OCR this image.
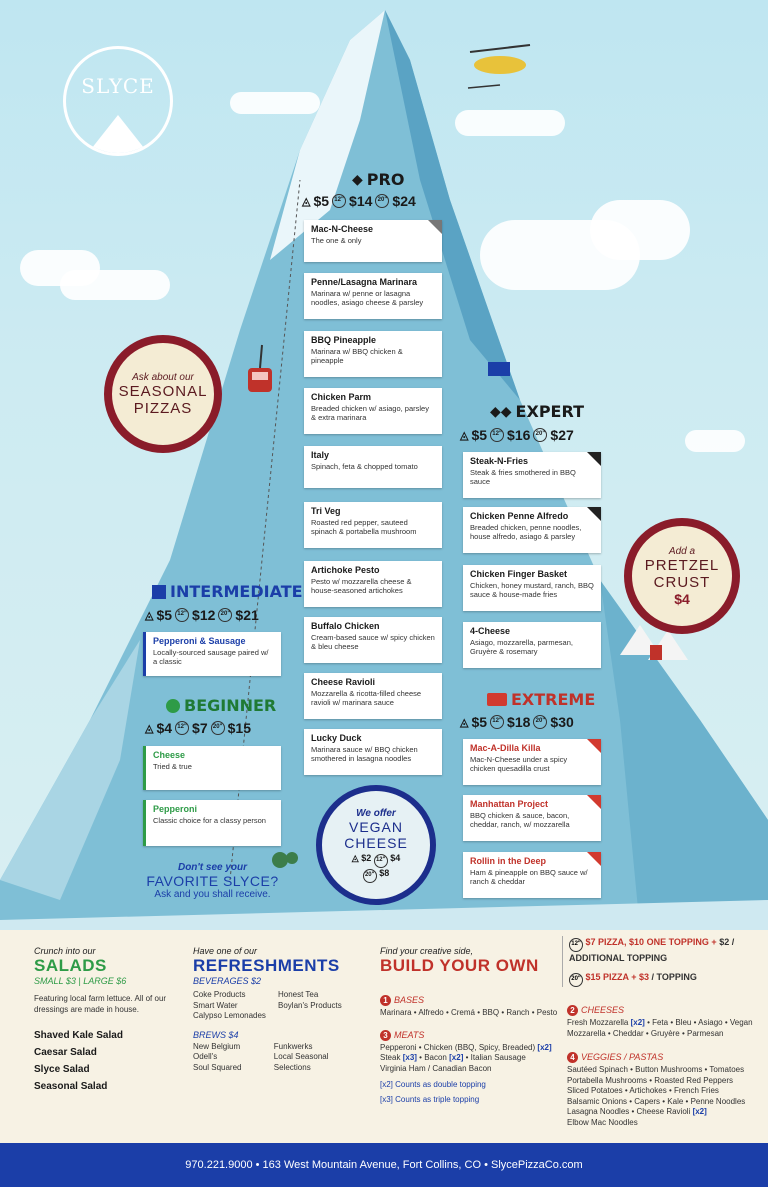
SLYCE
◆ PRO
◬ $5 12" $14 20" $24
Mac-N-Cheese
The one & only
Penne/Lasagna Marinara
Marinara w/ penne or lasagna noodles, asiago cheese & parsley
BBQ Pineapple
Marinara w/ BBQ chicken & pineapple
Chicken Parm
Breaded chicken w/ asiago, parsley & extra marinara
Italy
Spinach, feta & chopped tomato
Tri Veg
Roasted red pepper, sauteed spinach & portabella mushroom
Artichoke Pesto
Pesto w/ mozzarella cheese & house-seasoned artichokes
Buffalo Chicken
Cream-based sauce w/ spicy chicken & bleu cheese
Cheese Ravioli
Mozzarella & ricotta-filled cheese ravioli w/ marinara sauce
Lucky Duck
Marinara sauce w/ BBQ chicken smothered in lasagna noodles
◆◆ EXPERT
◬ $5 12" $16 20" $27
Steak-N-Fries
Steak & fries smothered in BBQ sauce
Chicken Penne Alfredo
Breaded chicken, penne noodles, house alfredo, asiago & parsley
Chicken Finger Basket
Chicken, honey mustard, ranch, BBQ sauce & house-made fries
4-Cheese
Asiago, mozzarella, parmesan, Gruyère & rosemary
EXTREME
◬ $5 12" $18 20" $30
Mac-A-Dilla Killa
Mac-N-Cheese under a spicy chicken quesadilla crust
Manhattan Project
BBQ chicken & sauce, bacon, cheddar, ranch, w/ mozzarella
Rollin in the Deep
Ham & pineapple on BBQ sauce w/ ranch & cheddar
INTERMEDIATE
◬ $5 12" $12 20" $21
Pepperoni & Sausage
Locally-sourced sausage paired w/ a classic
BEGINNER
◬ $4 12" $7 20" $15
Cheese
Tried & true
Pepperoni
Classic choice for a classy person
Don't see your
FAVORITE SLYCE?
Ask and you shall receive.
Ask about our
SEASONAL
PIZZAS
Add a
PRETZEL
CRUST
$4
We offer
VEGAN
CHEESE
◬ $2 12" $4
20" $8
Crunch into our
SALADS
SMALL $3 | LARGE $6
Featuring local farm lettuce. All of our dressings are made in house.
Shaved Kale Salad
Caesar Salad
Slyce Salad
Seasonal Salad
Have one of our
REFRESHMENTS
BEVERAGES $2
Coke Products
Smart Water
Calypso Lemonades
Honest Tea
Boylan's Products
BREWS $4
New Belgium
Odell's
Soul Squared
Funkwerks
Local Seasonal Selections
Find your creative side,
BUILD YOUR OWN
1 BASES
Marinara • Alfredo • Cremá • BBQ • Ranch • Pesto
3 MEATS
Pepperoni • Chicken (BBQ, Spicy, Breaded) [x2]
Steak [x3] • Bacon [x2] • Italian Sausage
Virginia Ham / Canadian Bacon
[x2] Counts as double topping
[x3] Counts as triple topping
12" $7 PIZZA, $10 ONE TOPPING + $2 / ADDITIONAL TOPPING
20" $15 PIZZA + $3 / TOPPING
2 CHEESES
Fresh Mozzarella [x2] • Feta • Bleu • Asiago • Vegan
Mozzarella • Cheddar • Gruyère • Parmesan
4 VEGGIES / PASTAS
Sautéed Spinach • Button Mushrooms • Tomatoes
Portabella Mushrooms • Roasted Red Peppers
Sliced Potatoes • Artichokes • French Fries
Balsamic Onions • Capers • Kale • Penne Noodles
Lasagna Noodles • Cheese Ravioli [x2]
Elbow Mac Noodles
970.221.9000 • 163 West Mountain Avenue, Fort Collins, CO • SlycePizzaCo.com
